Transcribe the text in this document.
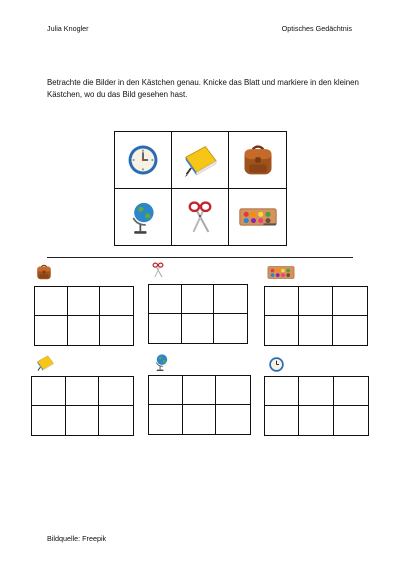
Julia Knogler	Optisches Gedächtnis
Betrachte die Bilder in den Kästchen genau. Knicke das Blatt und markiere in den kleinen Kästchen, wo du das Bild gesehen hast.
Bildquelle: Freepik
